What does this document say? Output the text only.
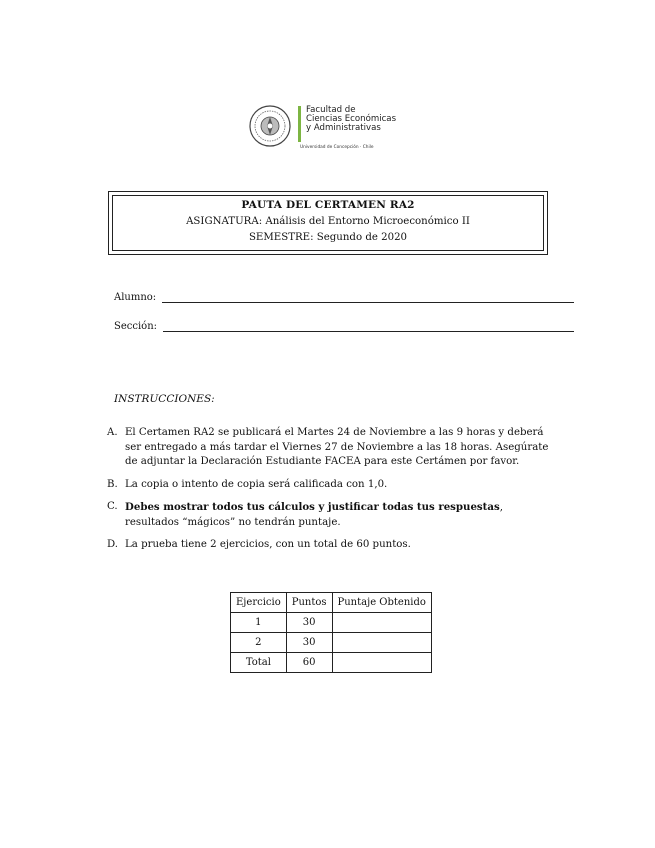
Facultad de
Ciencias Económicas
y Administrativas
Universidad de Concepción · Chile
PAUTA DEL CERTAMEN RA2
ASIGNATURA: Análisis del Entorno Microeconómico II
SEMESTRE: Segundo de 2020
Alumno:
Sección:
INSTRUCCIONES:
A. El Certamen RA2 se publicará el Martes 24 de Noviembre a las 9 horas y deberá ser entregado a más tardar el Viernes 27 de Noviembre a las 18 horas. Asegúrate de adjuntar la Declaración Estudiante FACEA para este Certámen por favor.
B. La copia o intento de copia será calificada con 1,0.
C. Debes mostrar todos tus cálculos y justificar todas tus respuestas, resultados “mágicos” no tendrán puntaje.
D. La prueba tiene 2 ejercicios, con un total de 60 puntos.
Ejercicio	Puntos	Puntaje Obtenido
1	30	
2	30	
Total	60	
